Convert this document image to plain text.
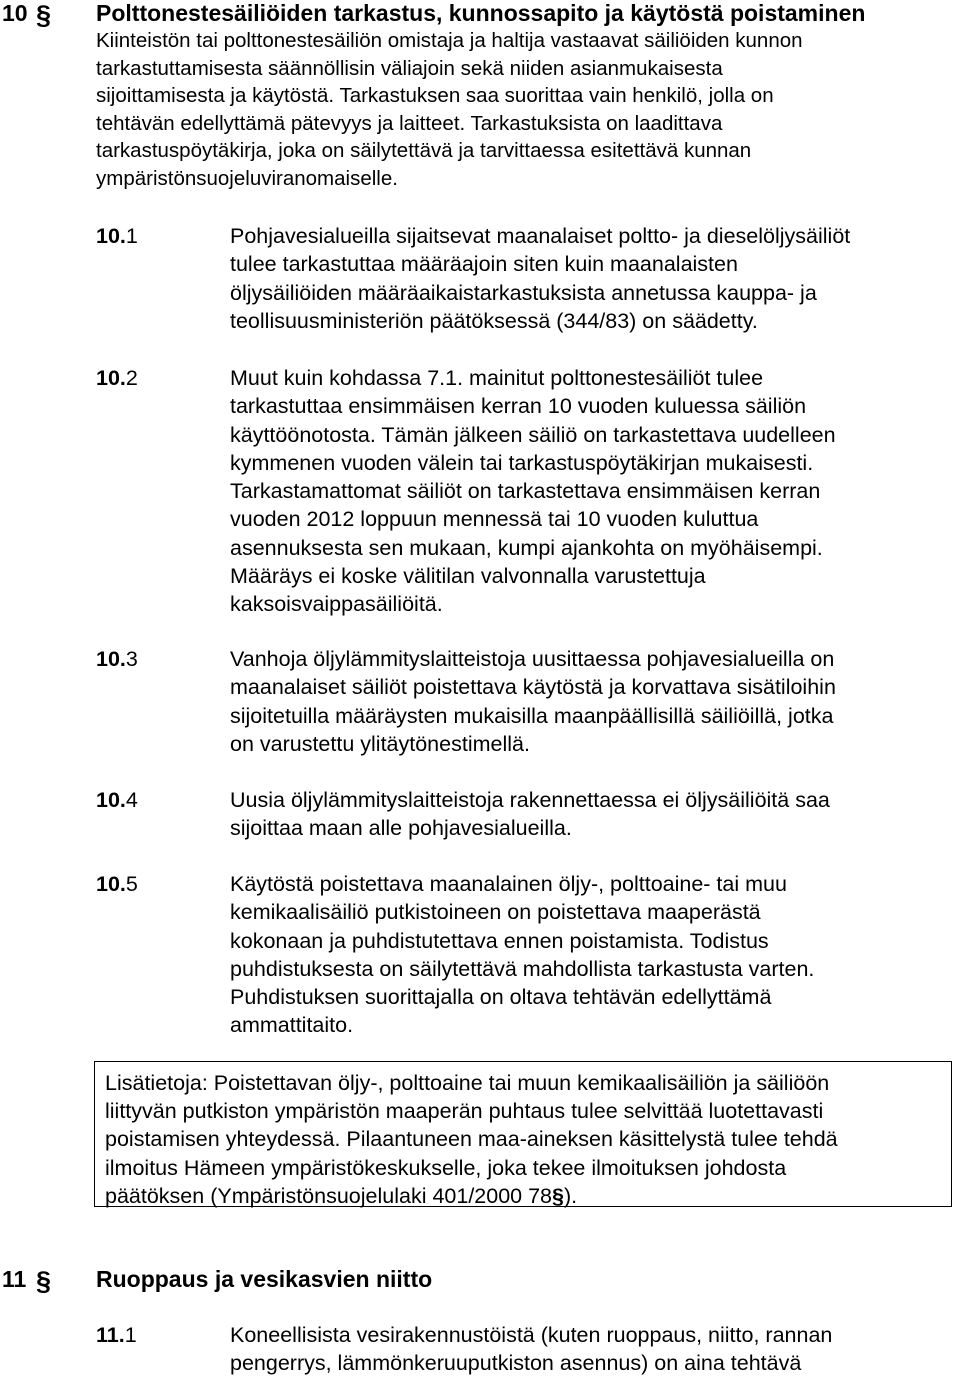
10 § Polttonestesäiliöiden tarkastus, kunnossapito ja käytöstä poistaminen
Kiinteistön tai polttonestesäiliön omistaja ja haltija vastaavat säiliöiden kunnon
tarkastuttamisesta säännöllisin väliajoin sekä niiden asianmukaisesta
sijoittamisesta ja käytöstä. Tarkastuksen saa suorittaa vain henkilö, jolla on
tehtävän edellyttämä pätevyys ja laitteet. Tarkastuksista on laadittava
tarkastuspöytäkirja, joka on säilytettävä ja tarvittaessa esitettävä kunnan
ympäristönsuojeluviranomaiselle.
10.1	Pohjavesialueilla sijaitsevat maanalaiset poltto- ja dieselöljysäiliöt
tulee tarkastuttaa määräajoin siten kuin maanalaisten
öljysäiliöiden määräaikaistarkastuksista annetussa kauppa- ja
teollisuusministeriön päätöksessä (344/83) on säädetty.
10.2	Muut kuin kohdassa 7.1. mainitut polttonestesäiliöt tulee
tarkastuttaa ensimmäisen kerran 10 vuoden kuluessa säiliön
käyttöönotosta. Tämän jälkeen säiliö on tarkastettava uudelleen
kymmenen vuoden välein tai tarkastuspöytäkirjan mukaisesti.
Tarkastamattomat säiliöt on tarkastettava ensimmäisen kerran
vuoden 2012 loppuun mennessä tai 10 vuoden kuluttua
asennuksesta sen mukaan, kumpi ajankohta on myöhäisempi.
Määräys ei koske välitilan valvonnalla varustettuja
kaksoisvaippasäiliöitä.
10.3	Vanhoja öljylämmityslaitteistoja uusittaessa pohjavesialueilla on
maanalaiset säiliöt poistettava käytöstä ja korvattava sisätiloihin
sijoitetuilla määräysten mukaisilla maanpäällisillä säiliöillä, jotka
on varustettu ylitäytönestimellä.
10.4	Uusia öljylämmityslaitteistoja rakennettaessa ei öljysäiliöitä saa
sijoittaa maan alle pohjavesialueilla.
10.5	Käytöstä poistettava maanalainen öljy-, polttoaine- tai muu
kemikaalisäiliö putkistoineen on poistettava maaperästä
kokonaan ja puhdistutettava ennen poistamista. Todistus
puhdistuksesta on säilytettävä mahdollista tarkastusta varten.
Puhdistuksen suorittajalla on oltava tehtävän edellyttämä
ammattitaito.
Lisätietoja: Poistettavan öljy-, polttoaine tai muun kemikaalisäiliön ja säiliöön
liittyvän putkiston ympäristön maaperän puhtaus tulee selvittää luotettavasti
poistamisen yhteydessä. Pilaantuneen maa-aineksen käsittelystä tulee tehdä
ilmoitus Hämeen ympäristökeskukselle, joka tekee ilmoituksen johdosta
päätöksen (Ympäristönsuojelulaki 401/2000 78§).
11 § Ruoppaus ja vesikasvien niitto
11.1	Koneellisista vesirakennustöistä (kuten ruoppaus, niitto, rannan
pengerrys, lämmönkeruuputkiston asennus) on aina tehtävä
